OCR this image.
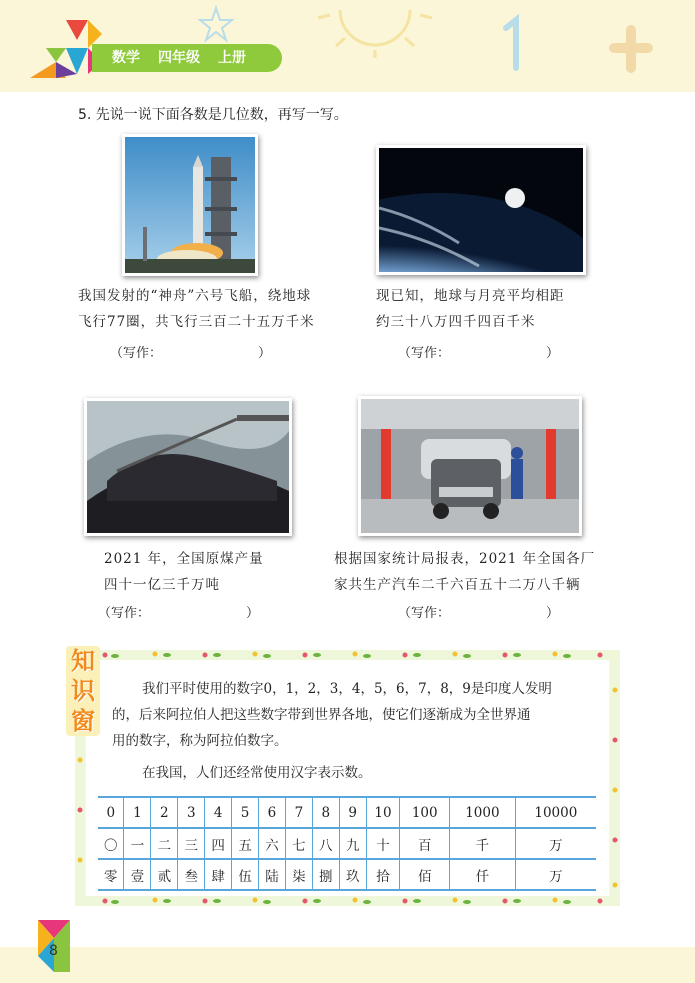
数学 四年级 上册
5. 先说一说下面各数是几位数，再写一写。
我国发射的“神舟”六号飞船，绕地球
飞行77圈，共飞行三百二十五万千米
现已知，地球与月亮平均相距
约三十八万四千四百千米
（写作：	）	（写作：	）
2021 年，全国原煤产量
四十一亿三千万吨
根据国家统计局报表，2021 年全国各厂
家共生产汽车二千六百五十二万八千辆
（写作：	）	（写作：	）
知
识
窗
我们平时使用的数字0，1，2，3，4，5，6，7，8，9是印度人发明
的，后来阿拉伯人把这些数字带到世界各地，使它们逐渐成为全世界通
用的数字，称为阿拉伯数字。
在我国，人们还经常使用汉字表示数。
0	1	2	3	4	5	6	7	8	9	10	100	1000	10000
〇	一	二	三	四	五	六	七	八	九	十	百	千	万
零	壹	贰	叁	肆	伍	陆	柒	捌	玖	拾	佰	仟	万
8
